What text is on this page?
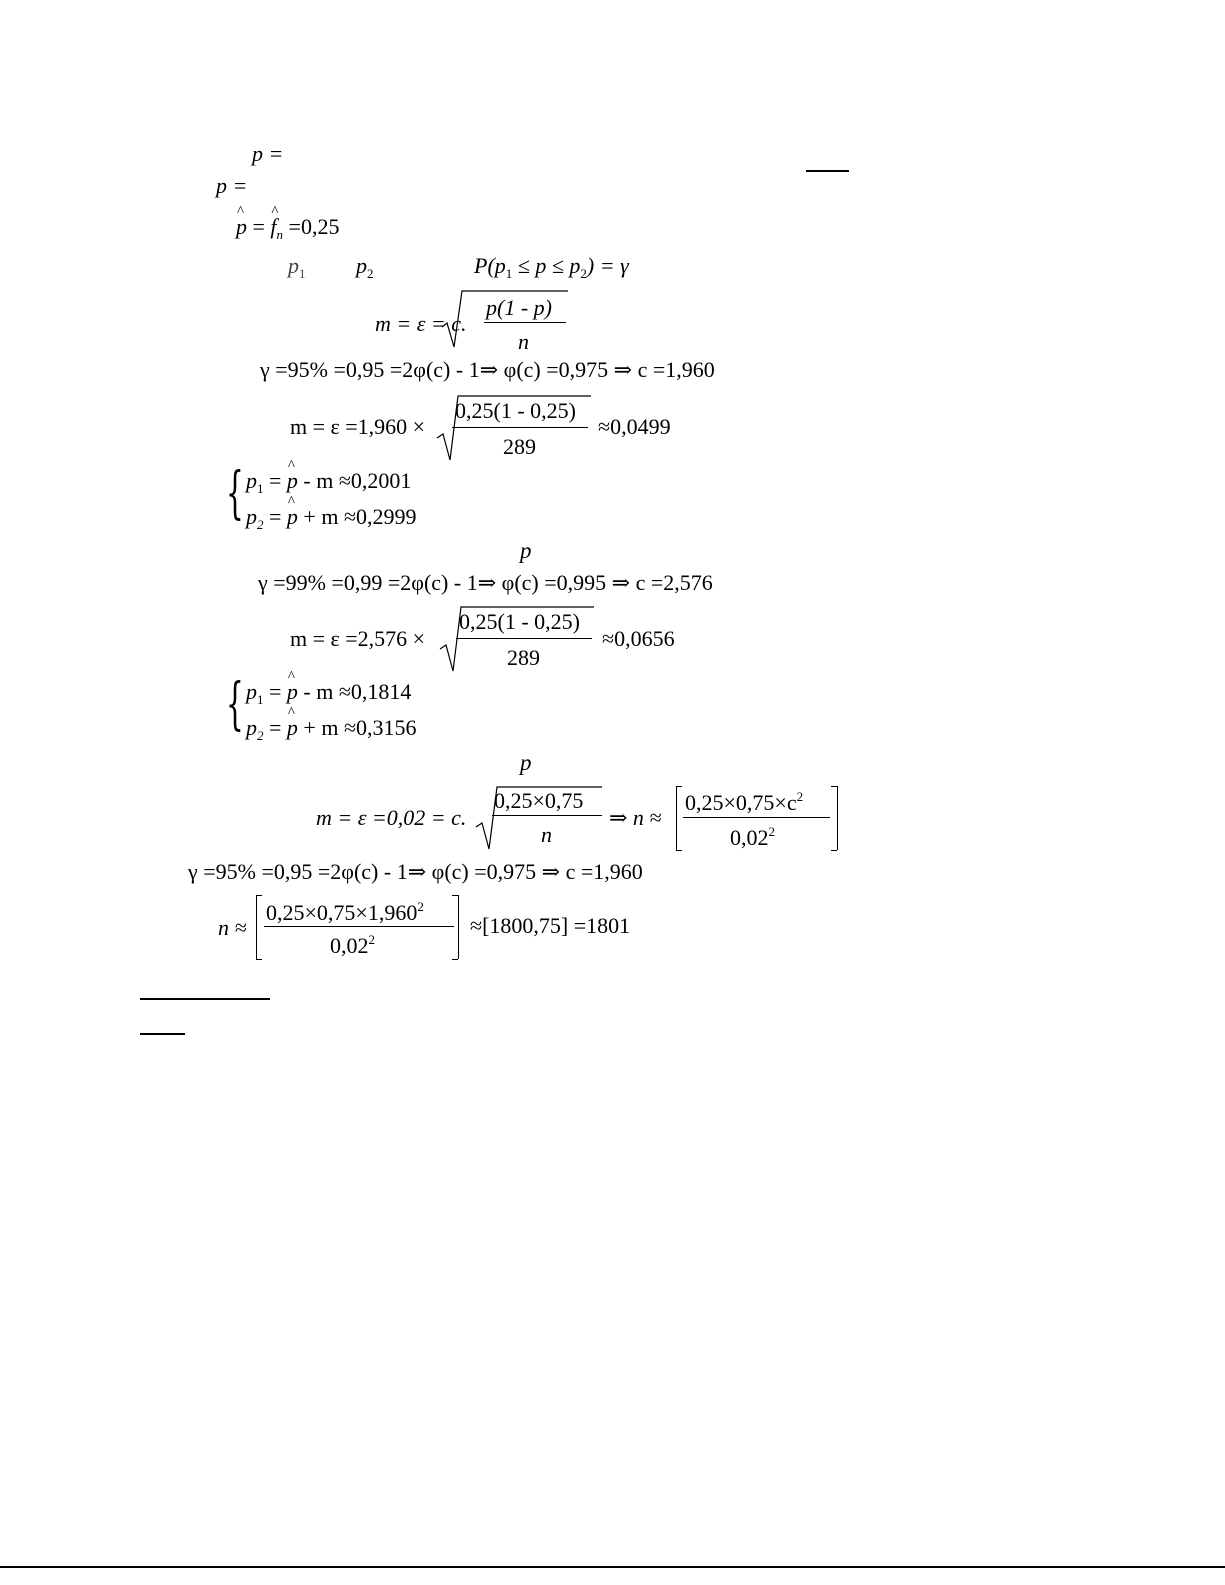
p =
p =
^ p = ^ $f_n =0,25$
$p_1$ $p_2$	$P(p_1 \le p \le p_2) = \gamma$
m = ε = c.
p(1 - p)
n
γ =95% =0,95 =2φ(c) - 1⇒ φ(c) =0,975 ⇒ c =1,960
m = ε =1,960 ×
0,25(1 - 0,25)
289
≈0,0499
{ $p_1$ = ^ p - m ≈0,2001
$p_2$ = ^ p + m ≈0,2999
p
γ =99% =0,99 =2φ(c) - 1⇒ φ(c) =0,995 ⇒ c =2,576
m = ε =2,576 ×
0,25(1 - 0,25)
289
≈0,0656
{ $p_1$ = ^ p - m ≈0,1814
$p_2$ = ^ p + m ≈0,3156
p
m = ε =0,02 = c.
0,25×0,75
n
⇒ n ≈
$0,25\times 0,75\times c^2$
0,02$^2$
γ =95% =0,95 =2φ(c) - 1⇒ φ(c) =0,975 ⇒ c =1,960
n ≈
$0,25\times 0,75\times 1,960^2$
$0,02^2$
≈[1800,75] =1801
